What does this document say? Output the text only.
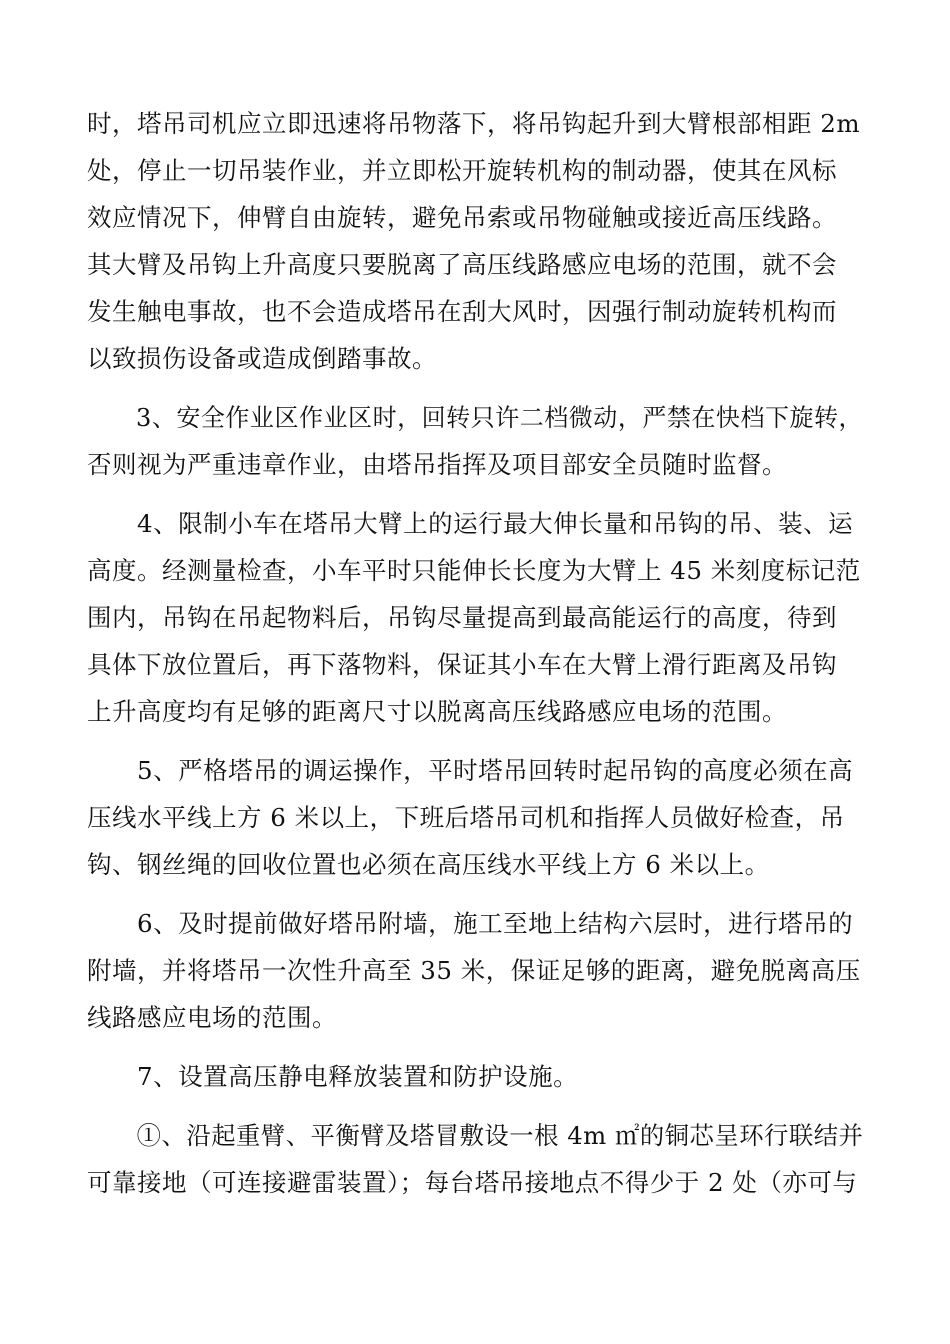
时，塔吊司机应立即迅速将吊物落下，将吊钩起升到大臂根部相距 2m
处，停止一切吊装作业，并立即松开旋转机构的制动器，使其在风标
效应情况下，伸臂自由旋转，避免吊索或吊物碰触或接近高压线路。
其大臂及吊钩上升高度只要脱离了高压线路感应电场的范围，就不会
发生触电事故，也不会造成塔吊在刮大风时，因强行制动旋转机构而
以致损伤设备或造成倒踏事故。
　　3、安全作业区作业区时，回转只许二档微动，严禁在快档下旋转，
否则视为严重违章作业，由塔吊指挥及项目部安全员随时监督。
　　4、限制小车在塔吊大臂上的运行最大伸长量和吊钩的吊、装、运
高度。经测量检查，小车平时只能伸长长度为大臂上 45 米刻度标记范
围内，吊钩在吊起物料后，吊钩尽量提高到最高能运行的高度，待到
具体下放位置后，再下落物料，保证其小车在大臂上滑行距离及吊钩
上升高度均有足够的距离尺寸以脱离高压线路感应电场的范围。
　　5、严格塔吊的调运操作，平时塔吊回转时起吊钩的高度必须在高
压线水平线上方 6 米以上，下班后塔吊司机和指挥人员做好检查，吊
钩、钢丝绳的回收位置也必须在高压线水平线上方 6 米以上。
　　6、及时提前做好塔吊附墙，施工至地上结构六层时，进行塔吊的
附墙，并将塔吊一次性升高至 35 米，保证足够的距离，避免脱离高压
线路感应电场的范围。
　　7、设置高压静电释放装置和防护设施。
　　①、沿起重臂、平衡臂及塔冒敷设一根 4m ㎡的铜芯呈环行联结并
可靠接地（可连接避雷装置）；每台塔吊接地点不得少于 2 处（亦可与
